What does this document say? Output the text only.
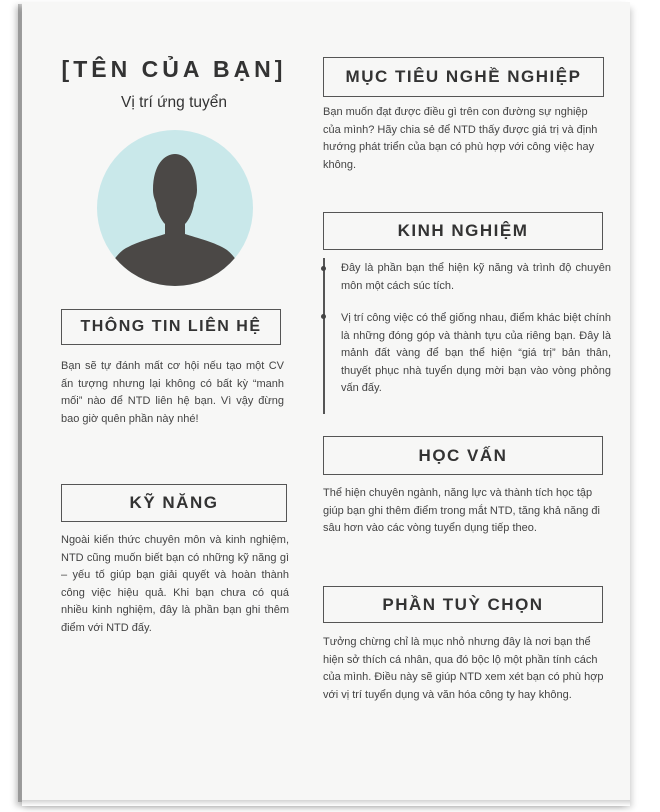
[TÊN CỦA BẠN]
Vị trí ứng tuyển
THÔNG TIN LIÊN HỆ

Bạn sẽ tự đánh mất cơ hội nếu tạo một CV ấn tượng nhưng lại không có bất kỳ “manh mối” nào để NTD liên hệ bạn. Vì vậy đừng bao giờ quên phần này nhé!

KỸ NĂNG

Ngoài kiến thức chuyên môn và kinh nghiệm, NTD cũng muốn biết bạn có những kỹ năng gì – yếu tố giúp bạn giải quyết và hoàn thành công việc hiệu quả. Khi bạn chưa có quá nhiều kinh nghiệm, đây là phần bạn ghi thêm điểm với NTD đấy.

MỤC TIÊU NGHỀ NGHIỆP

Bạn muốn đạt được điều gì trên con đường sự nghiệp của mình? Hãy chia sẻ để NTD thấy được giá trị và định hướng phát triển của bạn có phù hợp với công việc hay không.

KINH NGHIỆM

Đây là phần bạn thể hiện kỹ năng và trình độ chuyên môn một cách súc tích.

Vị trí công việc có thể giống nhau, điểm khác biệt chính là những đóng góp và thành tựu của riêng bạn. Đây là mảnh đất vàng để bạn thể hiện “giá trị” bản thân, thuyết phục nhà tuyển dụng mời bạn vào vòng phỏng vấn đấy.

HỌC VẤN

Thể hiện chuyên ngành, năng lực và thành tích học tập giúp bạn ghi thêm điểm trong mắt NTD, tăng khả năng đi sâu hơn vào các vòng tuyển dụng tiếp theo.

PHẦN TUỲ CHỌN

Tưởng chừng chỉ là mục nhỏ nhưng đây là nơi bạn thể hiện sở thích cá nhân, qua đó bộc lộ một phần tính cách của mình. Điều này sẽ giúp NTD xem xét bạn có phù hợp với vị trí tuyển dụng và văn hóa công ty hay không.
